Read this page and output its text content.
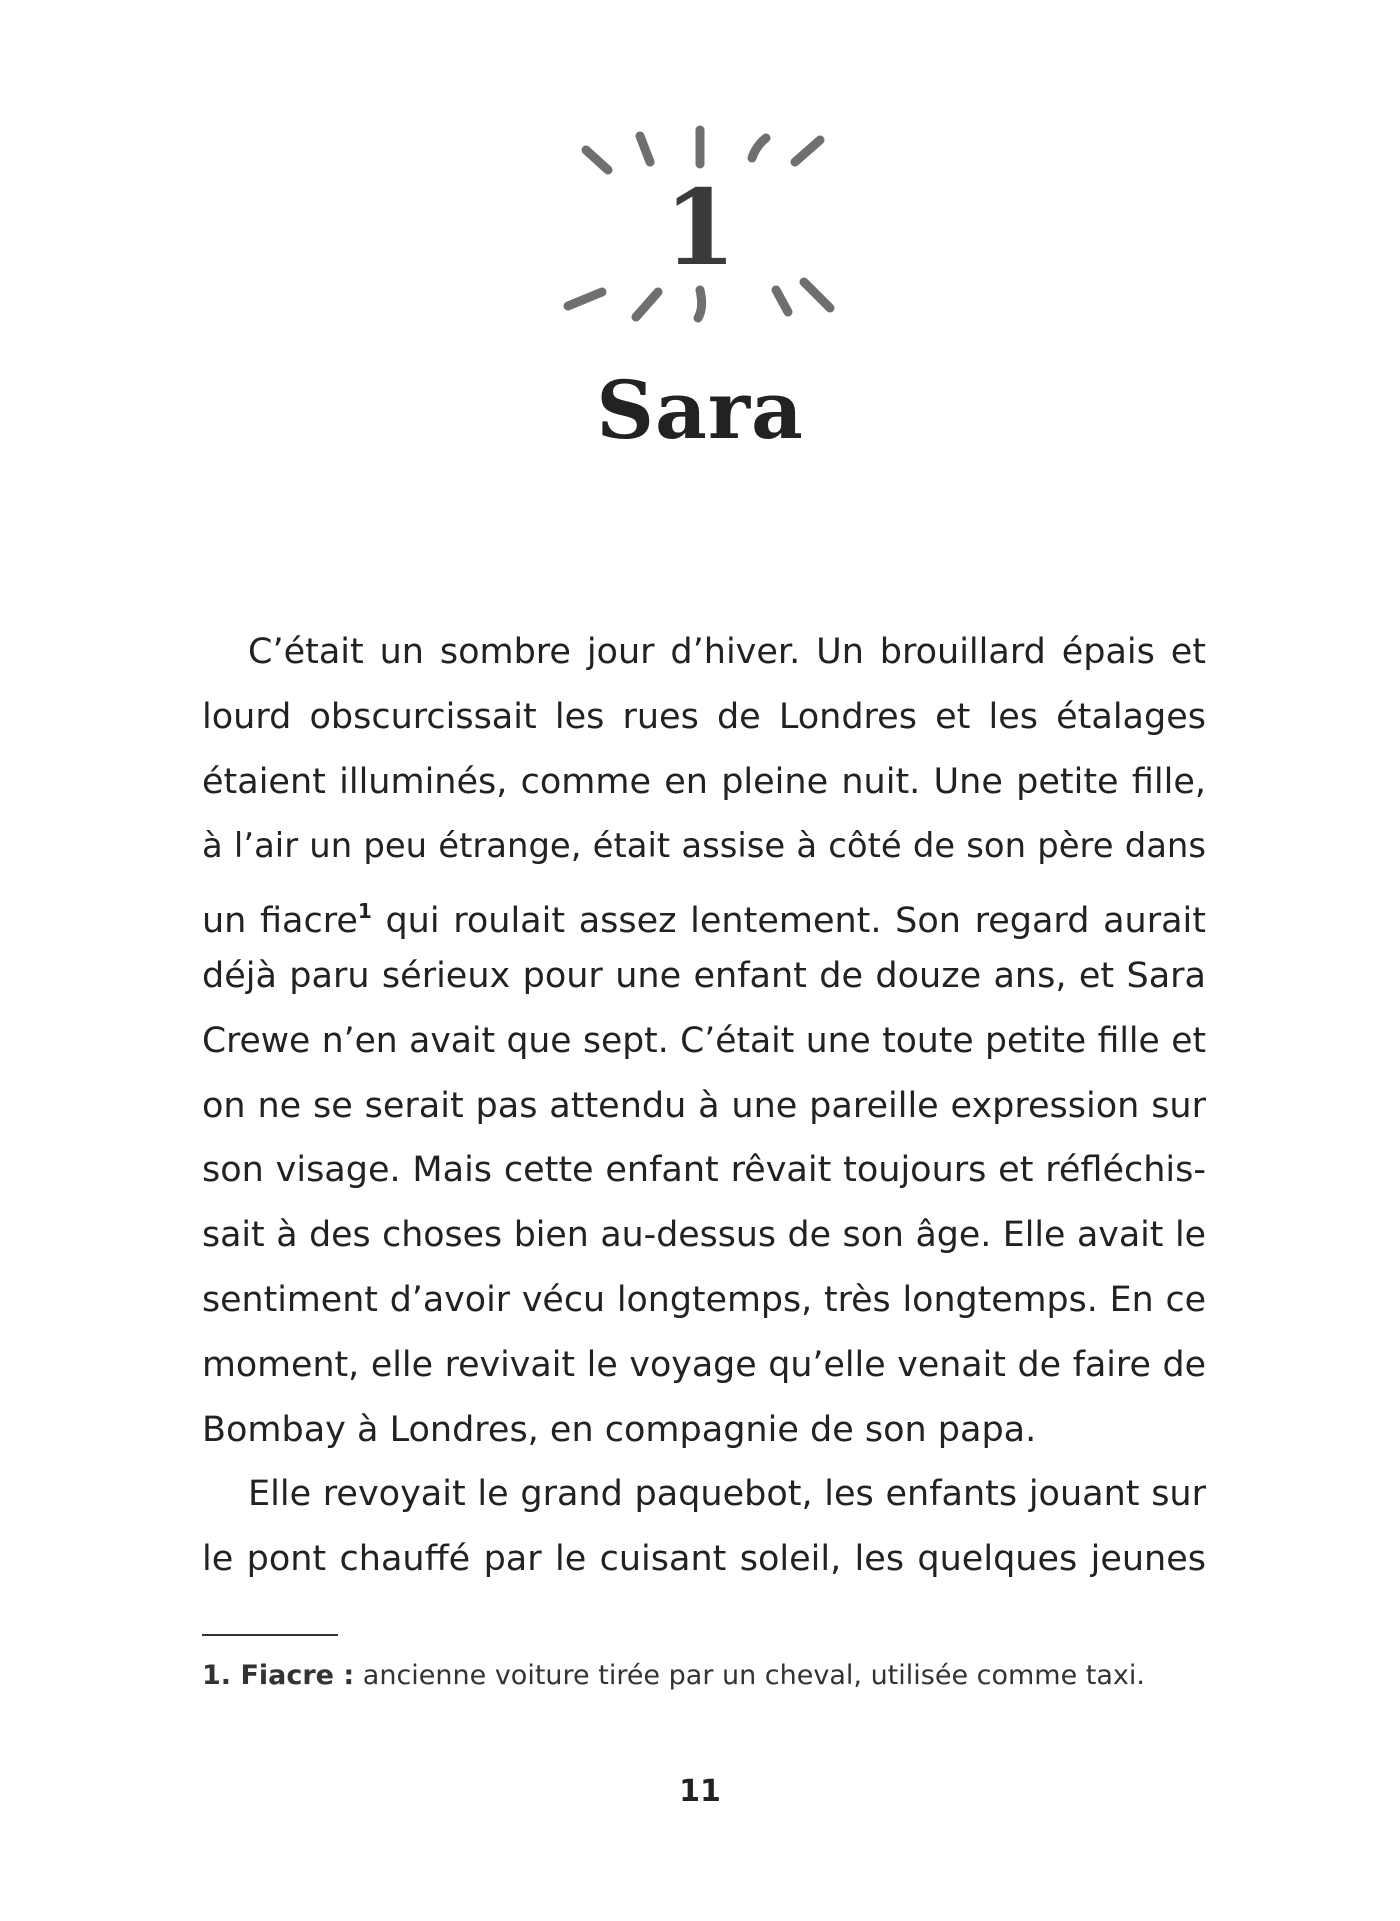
1
Sara
C’était un sombre jour d’hiver. Un brouillard épais et
lourd obscurcissait les rues de Londres et les étalages
étaient illuminés, comme en pleine nuit. Une petite fille,
à l’air un peu étrange, était assise à côté de son père dans
un fiacre$^1$ qui roulait assez lentement. Son regard aurait
déjà paru sérieux pour une enfant de douze ans, et Sara
Crewe n’en avait que sept. C’était une toute petite fille et
on ne se serait pas attendu à une pareille expression sur
son visage. Mais cette enfant rêvait toujours et réfléchis-
sait à des choses bien au-dessus de son âge. Elle avait le
sentiment d’avoir vécu longtemps, très longtemps. En ce
moment, elle revivait le voyage qu’elle venait de faire de
Bombay à Londres, en compagnie de son papa.
Elle revoyait le grand paquebot, les enfants jouant sur
le pont chauffé par le cuisant soleil, les quelques jeunes
1. Fiacre : ancienne voiture tirée par un cheval, utilisée comme taxi.
11
